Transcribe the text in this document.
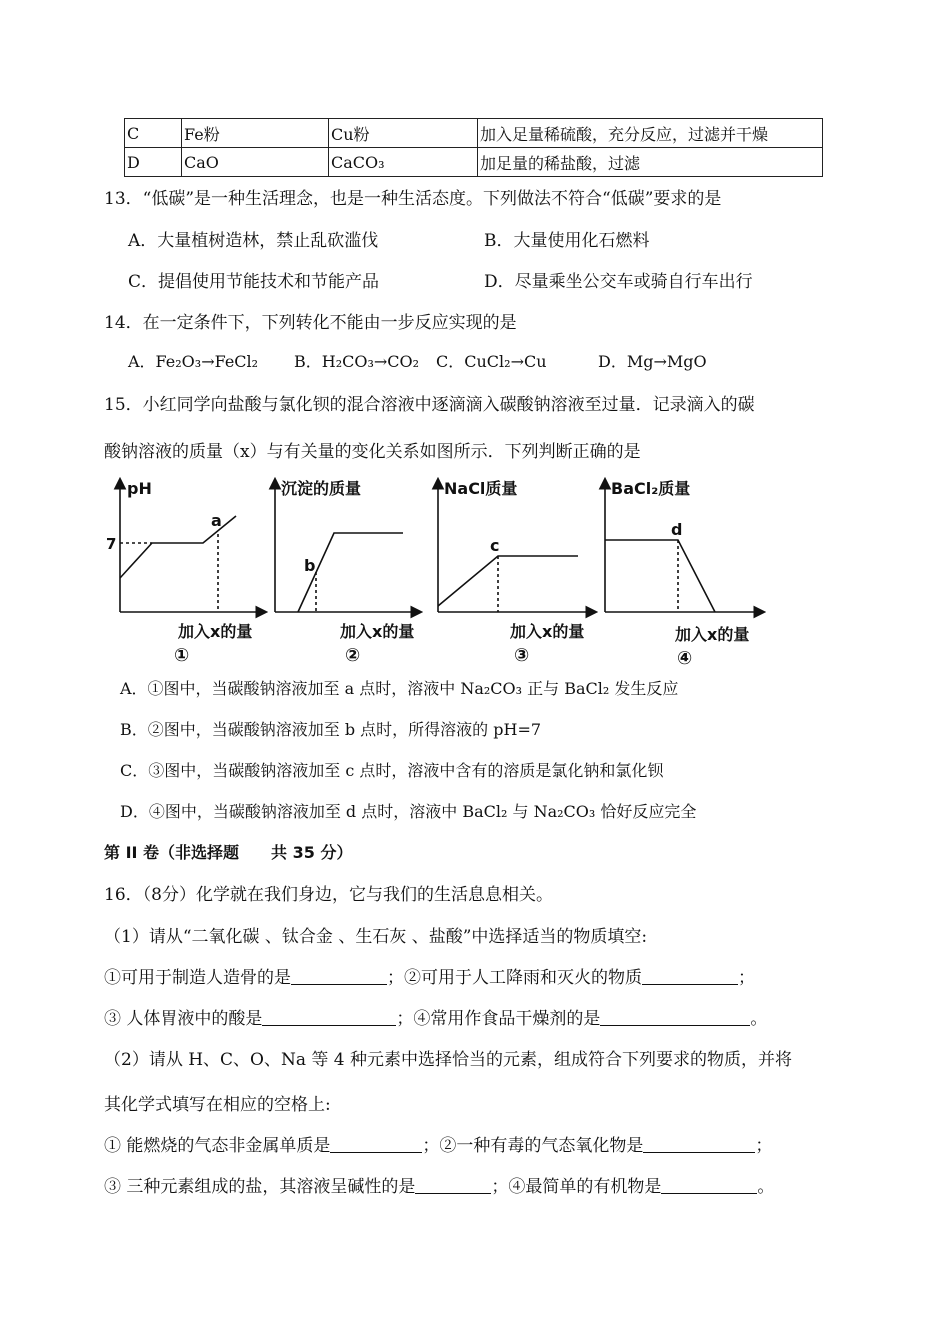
C	Fe粉	Cu粉	加入足量稀硫酸，充分反应，过滤并干燥
D	CaO	CaCO₃	加足量的稀盐酸，过滤
13．“低碳”是一种生活理念，也是一种生活态度。下列做法不符合“低碳”要求的是
A．大量植树造林，禁止乱砍滥伐	B．大量使用化石燃料
C．提倡使用节能技术和节能产品	D．尽量乘坐公交车或骑自行车出行
14．在一定条件下，下列转化不能由一步反应实现的是
A．Fe₂O₃→FeCl₂ B．H₂CO₃→CO₂ C．CuCl₂→Cu	D．Mg→MgO
15．小红同学向盐酸与氯化钡的混合溶液中逐滴滴入碳酸钠溶液至过量．记录滴入的碳
酸钠溶液的质量（x）与有关量的变化关系如图所示．下列判断正确的是
pH
7
a
加入x的量
①
沉淀的质量
b
加入x的量
②
NaCl质量
c
加入x的量
③
BaCl₂质量
d
加入x的量
④
A．①图中，当碳酸钠溶液加至 a 点时，溶液中 Na₂CO₃ 正与 BaCl₂ 发生反应
B．②图中，当碳酸钠溶液加至 b 点时，所得溶液的 pH=7
C．③图中，当碳酸钠溶液加至 c 点时，溶液中含有的溶质是氯化钠和氯化钡
D．④图中，当碳酸钠溶液加至 d 点时，溶液中 BaCl₂ 与 Na₂CO₃ 恰好反应完全
第 II 卷（非选择题　　共 35 分）
16．（8分）化学就在我们身边，它与我们的生活息息相关。
（1）请从“二氧化碳 、钛合金 、生石灰 、盐酸”中选择适当的物质填空:
①可用于制造人造骨的是	；②可用于人工降雨和灭火的物质	；
③ 人体胃液中的酸是	；④常用作食品干燥剂的是	。
（2）请从 H、C、O、Na 等 4 种元素中选择恰当的元素，组成符合下列要求的物质，并将
其化学式填写在相应的空格上:
① 能燃烧的气态非金属单质是	；②一种有毒的气态氧化物是	；
③ 三种元素组成的盐，其溶液呈碱性的是	；④最简单的有机物是	。
